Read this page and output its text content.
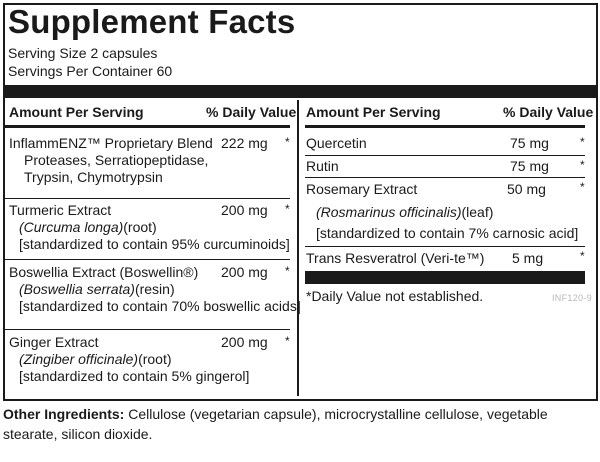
Supplement Facts
Serving Size 2 capsules
Servings Per Container 60
Amount Per Serving	% Daily Value Amount Per Serving	% Daily Value
InflammENZ™ Proprietary Blend
Proteases, Serratiopeptidase,
Trypsin, Chymotrypsin
222 mg *
Turmeric Extract
(Curcuma longa)(root)
[standardized to contain 95% curcuminoids]
200 mg *
Boswellia Extract (Boswellin®)
(Boswellia serrata)(resin)
[standardized to contain 70% boswellic acids]
200 mg *
Ginger Extract
(Zingiber officinale)(root)
[standardized to contain 5% gingerol]
200 mg *
Quercetin	75 mg	*
Rutin	75 mg	*
Rosemary Extract
(Rosmarinus officinalis)(leaf)
[standardized to contain 7% carnosic acid]
50 mg	*
Trans Resveratrol (Veri-te™) 5 mg	*
*Daily Value not established.	INF120-9
Other Ingredients: Cellulose (vegetarian capsule), microcrystalline cellulose, vegetable stearate, silicon dioxide.
